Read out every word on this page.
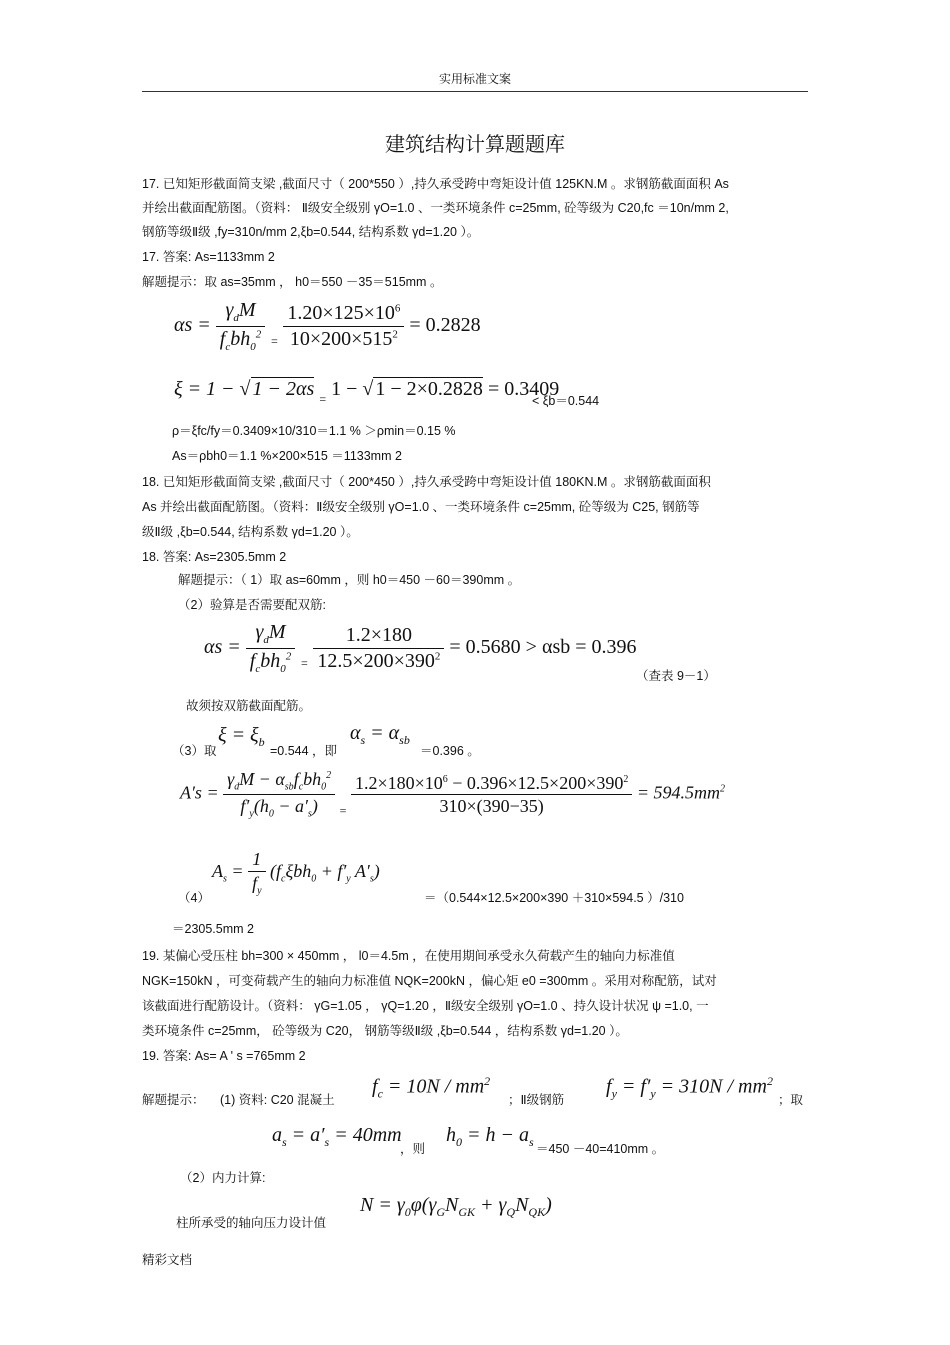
实用标准文案
建筑结构计算题题库
17. 已知矩形截面简支梁 ,截面尺寸（ 200*550 ）,持久承受跨中弯矩设计值 125KN.M 。求钢筋截面面积 As
并绘出截面配筋图。（资料： Ⅱ级安全级别 γO=1.0 、一类环境条件 c=25mm, 砼等级为 C20,fc ＝10n/mm 2,
钢筋等级Ⅱ级 ,fy=310n/mm 2,ξb=0.544, 结构系数 γd=1.20 ）。
17. 答案: As=1133mm 2
解题提示：取 as=35mm ， h0＝550 －35＝515mm 。
$\alpha s = \frac{\gamma_dM}{f_cbh_0^2} _= \frac{1.20\times 125\times 10^6}{10\times 200\times 515^2} = 0.2828$
ξ = 1 − √ 1 − 2αs $_=$ 1 − √ 1 − 2×0.2828 = 0.3409
< ξb＝0.544
ρ＝ξfc/fy＝0.3409×10/310＝1.1 % ＞ρmin＝0.15 %
As＝ρbh0＝1.1 %×200×515 ＝1133mm 2
18. 已知矩形截面简支梁 ,截面尺寸（ 200*450 ）,持久承受跨中弯矩设计值 180KN.M 。求钢筋截面面积
As 并绘出截面配筋图。（资料：Ⅱ级安全级别 γO=1.0 、一类环境条件 c=25mm, 砼等级为 C25, 钢筋等
级Ⅱ级 ,ξb=0.544, 结构系数 γd=1.20 ）。
18. 答案: As=2305.5mm 2
解题提示：（ 1）取 as=60mm ，则 h0＝450 －60＝390mm 。
（2）验算是否需要配双筋:
$\alpha s = \frac{\gamma_dM}{f_cbh_0^2} _= \frac{1.2\times 180}{12.5\times 200\times 390^2} = 0.5680 > \alpha sb = 0.396$
（查表 9－1）
故须按双筋截面配筋。
（3）取
$\xi = \xi_b$
=0.544 ，即
$\alpha_s = \alpha_{sb}$
＝0.396 。
$A's = \frac{\gamma_dM - \alpha_{sb}f_cbh_0^2}{f'_y(h_0 - a'_s)} _= \frac{1.2\times 180\times 10^6 - 0.396\times 12.5\times 200\times 390^2}{310\times(390-35)} = 594.5mm^2$
（4）
$A_s = \frac{1}{f_y} (f_c\xi bh_0 + f'_y$ $A'_s$)
＝（0.544×12.5×200×390 ＋310×594.5 ）/310
＝2305.5mm 2
19. 某偏心受压柱 bh=300 × 450mm ， l0＝4.5m ，在使用期间承受永久荷载产生的轴向力标准值
NGK=150kN ，可变荷载产生的轴向力标准值 NQK=200kN ，偏心矩 e0 =300mm 。采用对称配筋，试对
该截面进行配筋设计。（资料： γG=1.05 ， γQ=1.20 ，Ⅱ级安全级别 γO=1.0 、持久设计状况 ψ =1.0, 一
类环境条件 c=25mm， 砼等级为 C20， 钢筋等级Ⅱ级 ,ξb=0.544 ，结构系数 γd=1.20 ）。
19. 答案: As= A ' s =765mm 2
解题提示： (1) 资料: C20 混凝土
$f_c = 10N / mm^2$
；Ⅱ级钢筋
$f_y = f'_y = 310N / mm^2$
；取
$a_s = a'_s = 40mm$
，则
$h_0 = h - a_s =450 -40=410mm$ 。
（2）内力计算:
柱所承受的轴向压力设计值
$N = \gamma_0\varphi(\gamma_GN_{GK} + \gamma_QN_{QK})$
精彩文档
